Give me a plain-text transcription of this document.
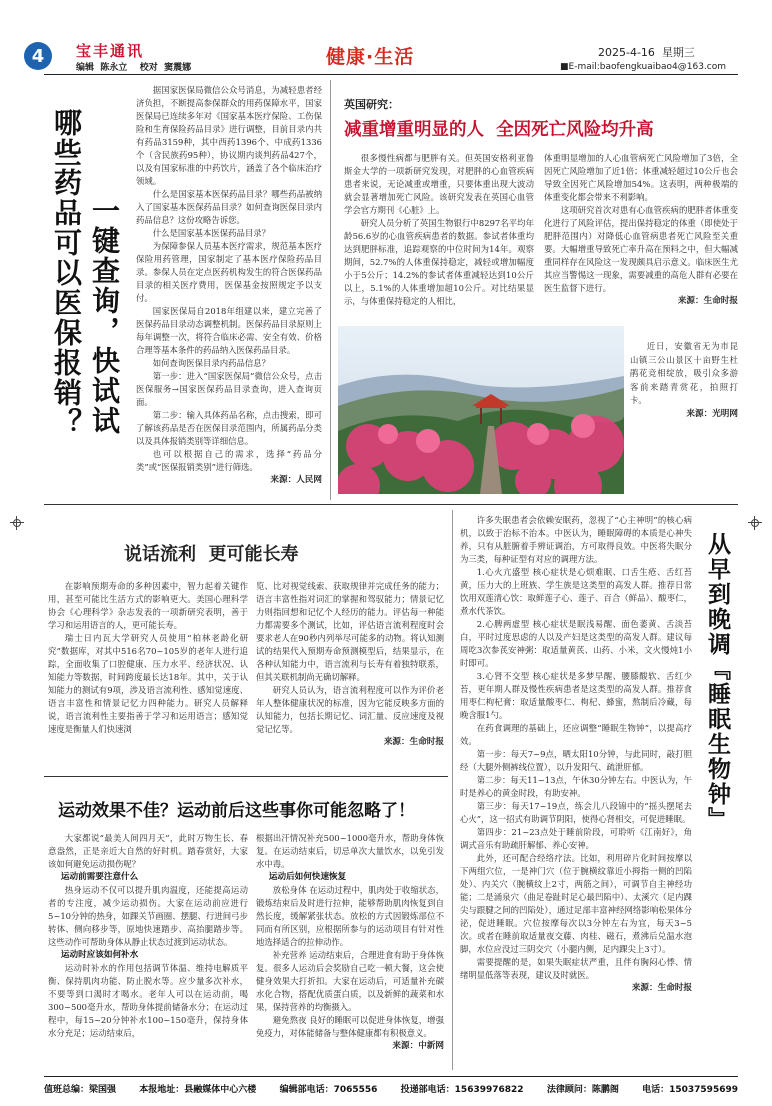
4 宝丰通讯
编辑  陈永立    校对  窦震娜	健康·生活	2025-4-16 星期三
■E-mail:baofengkuaibao4@163.com
哪些药品可以医保报销？ 一键查询，快试试

据国家医保局微信公众号消息，为减轻患者经济负担，不断提高参保群众的用药保障水平，国家医保局已连续多年对《国家基本医疗保险、工伤保险和生育保险药品目录》进行调整，目前目录内共有药品3159种，其中西药1396个、中成药1336个（含民族药95种），协议期内谈判药品427个，以及有国家标准的中药饮片，涵盖了各个临床治疗领域。

什么是国家基本医保药品目录？哪些药品被纳入了国家基本医保药品目录？如何查询医保目录内药品信息？这份攻略告诉您。

什么是国家基本医保药品目录？

为保障参保人员基本医疗需求，规范基本医疗保险用药管理，国家制定了基本医疗保险药品目录。参保人员在定点医药机构发生的符合医保药品目录的相关医疗费用，医保基金按照规定予以支付。

国家医保局自2018年组建以来，建立完善了医保药品目录动态调整机制。医保药品目录原则上每年调整一次，将符合临床必需、安全有效、价格合理等基本条件的药品纳入医保药品目录。

如何查询医保目录内药品信息？

第一步：进入“国家医保局”微信公众号，点击医保服务→国家医保药品目录查询，进入查询页面。

第二步：输入具体药品名称，点击搜索，即可了解该药品是否在医保目录范围内，所属药品分类以及具体报销类别等详细信息。

也可以根据自己的需求，选择“药品分类”或“医保报销类别”进行筛选。

来源：人民网
英国研究：
减重增重明显的人  全因死亡风险均升高

很多慢性病都与肥胖有关。但英国安格利亚鲁斯金大学的一项新研究发现，对肥胖的心血管疾病患者来说，无论减重或增重，只要体重出现大波动就会显著增加死亡风险。该研究发表在英国心血管学会官方期刊《心脏》上。

研究人员分析了英国生物银行中8297名平均年龄56.6岁的心血管疾病患者的数据。参试者体重均达到肥胖标准，追踪观察的中位时间为14年。观察期间，52.7%的人体重保持稳定，减轻或增加幅度小于5公斤；14.2%的参试者体重减轻达到10公斤以上，5.1%的人体重增加超10公斤。对比结果显示，与体重保持稳定的人相比，

体重明显增加的人心血管病死亡风险增加了3倍，全因死亡风险增加了近1倍；体重减轻超过10公斤也会导致全因死亡风险增加54%。这表明，两种极端的体重变化都会带来不利影响。

这项研究首次对患有心血管疾病的肥胖者体重变化进行了风险评估，提出保持稳定的体重（即使处于肥胖范围内）对降低心血管病患者死亡风险至关重要。大幅增重导致死亡率升高在预料之中，但大幅减重同样存在风险这一发现颇具启示意义。临床医生尤其应当警惕这一现象，需要减重的高危人群有必要在医生监督下进行。

来源：生命时报

近日，安徽省无为市昆山镇三公山景区十亩野生杜鹃花竞相绽放，吸引众多游客前来踏青赏花，拍照打卡。

来源：光明网
说话流利  更可能长寿

在影响预期寿命的多种因素中，智力起着关键作用，甚至可能比生活方式的影响更大。美国心理科学协会《心理科学》杂志发表的一项新研究表明，善于学习和运用语言的人，更可能长寿。

瑞士日内瓦大学研究人员使用“柏林老龄化研究”数据库，对其中516名70~105岁的老年人进行追踪，全面收集了口腔健康、压力水平、经济状况、认知能力等数据，时间跨度最长达18年。其中，关于认知能力的测试有9项，涉及语言流利性、感知觉速度、语言丰富性和情景记忆力四种能力。研究人员解释说，语言流利性主要指善于学习和运用语言；感知觉速度是衡量人们快速浏

览、比对视觉线索、获取规律并完成任务的能力；语言丰富性指对词汇的掌握和驾驭能力；情景记忆力则指回想和记忆个人经历的能力。评估每一种能力都需要多个测试，比如，评估语言流利程度时会要求老人在90秒内列举尽可能多的动物。将认知测试的结果代入预期寿命预测模型后，结果显示，在各种认知能力中，语言流利与长寿有着独特联系，但其关联机制尚无确切解释。

研究人员认为，语言流利程度可以作为评价老年人整体健康状况的标准，因为它能反映多方面的认知能力，包括长期记忆、词汇量、反应速度及视觉记忆等。

来源：生命时报
运动效果不佳？运动前后这些事你可能忽略了！

大家都说“最美人间四月天”，此时万物生长、春意盎然，正是亲近大自然的好时机。踏春赏好，大家该如何避免运动损伤呢？

运动前需要注意什么

热身运动不仅可以提升肌肉温度，还能提高运动者的专注度，减少运动损伤。大家在运动前应进行5~10分钟的热身，如踝关节画圈、摆腿、行进间弓步转体、侧向移步等，原地快速踏步、高抬腿踏步等。这些动作可帮助身体从静止状态过渡到运动状态。

运动时应该如何补水

运动时补水的作用包括调节体温、维持电解质平衡、保持肌肉功能、防止脱水等。应少量多次补水，不要等到口渴时才喝水。老年人可以在运动前，喝300~500毫升水，帮助身体提前储备水分；在运动过程中，每15~20分钟补水100~150毫升，保持身体水分充足；运动结束后，

根据出汗情况补充500~1000毫升水，帮助身体恢复。在运动结束后，切忌单次大量饮水，以免引发水中毒。

运动后如何快速恢复

放松身体 在运动过程中，肌肉处于收缩状态，锻炼结束后及时进行拉伸，能够帮助肌肉恢复到自然长度，缓解紧张状态。放松的方式因锻炼部位不同而有所区别，应根据所参与的运动项目有针对性地选择适合的拉伸动作。

补充营养 运动结束后，合理进食有助于身体恢复。很多人运动后会奖励自己吃一顿大餐，这会使健身效果大打折扣。大家在运动后，可适量补充碳水化合物，搭配优质蛋白质，以及新鲜的蔬菜和水果，保持营养的均衡摄入。

避免熬夜 良好的睡眠可以促进身体恢复，增强免疫力，对体能储备与整体健康都有积极意义。

来源：中新网

许多失眠患者会依赖安眠药，忽视了“心主神明”的核心病机，以致于治标不治本。中医认为，睡眠障碍的本质是心神失养，只有从脏腑着手辨证调治，方可取得良效。中医将失眠分为三类，每种证型有对应的调理方法。

1.心火亢盛型 核心症状是心烦难眠、口舌生疮、舌红苔黄，压力大的上班族、学生族是这类型的高发人群。推荐日常饮用双莲清心饮：取鲜莲子心、莲子、百合（鲜品）、酸枣仁，煮水代茶饮。

2.心脾两虚型 核心症状是眠浅易醒、面色萎黄、舌淡苔白，平时过度思虑的人以及产妇是这类型的高发人群。建议每周吃3次参芪安神粥：取适量黄芪、山药、小米，文火慢炖1小时即可。

3.心肾不交型 核心症状是多梦早醒、腰膝酸软、舌红少苔，更年期人群及慢性疾病患者是这类型的高发人群。推荐食用枣仁枸杞膏：取适量酸枣仁、枸杞、蜂蜜，熬制后冷藏，每晚含服1勺。

在药食调理的基础上，还应调整“睡眠生物钟”，以提高疗效。

第一步：每天7~9点，晒太阳10分钟，与此同时，敲打胆经（大腿外侧裤线位置），以升发阳气、疏泄肝郁。

第二步：每天11~13点，午休30分钟左右。中医认为，午时是养心的黄金时段，有助安神。

第三步：每天17~19点，练会儿八段锦中的“摇头摆尾去心火”，这一招式有助调节阴阳，使得心肾相交，可促进睡眠。

第四步：21~23点处于睡前阶段，可聆听《江南好》，角调式音乐有助疏肝解郁、养心安神。

此外，还可配合经络疗法。比如，利用碎片化时间按摩以下两组穴位，一是神门穴（位于腕横纹靠近小拇指一侧的凹陷处）、内关穴（腕横纹上2寸，两筋之间），可调节自主神经功能；二是涌泉穴（曲足卷趾时足心最凹陷中）、太溪穴（足内踝尖与跟腱之间的凹陷处），通过足部丰富神经网络影响松果体分泌，促进睡眠。穴位按摩每次以3分钟左右为宜，每天3~5次。或者在睡前取适量夜交藤、肉桂、磁石，煮沸后兑温水泡脚，水位应没过三阴交穴（小腿内侧，足内踝尖上3寸）。

需要提醒的是，如果失眠症状严重，且伴有胸闷心悸、情绪明显低落等表现，建议及时就医。

来源：生命时报
从早到晚调『睡眠生物钟』
值班总编：梁国强	本报地址：县融媒体中心六楼	编辑部电话：7065556	投递部电话：15639976822	法律顾问：陈鹏阁	电话：15037595699
